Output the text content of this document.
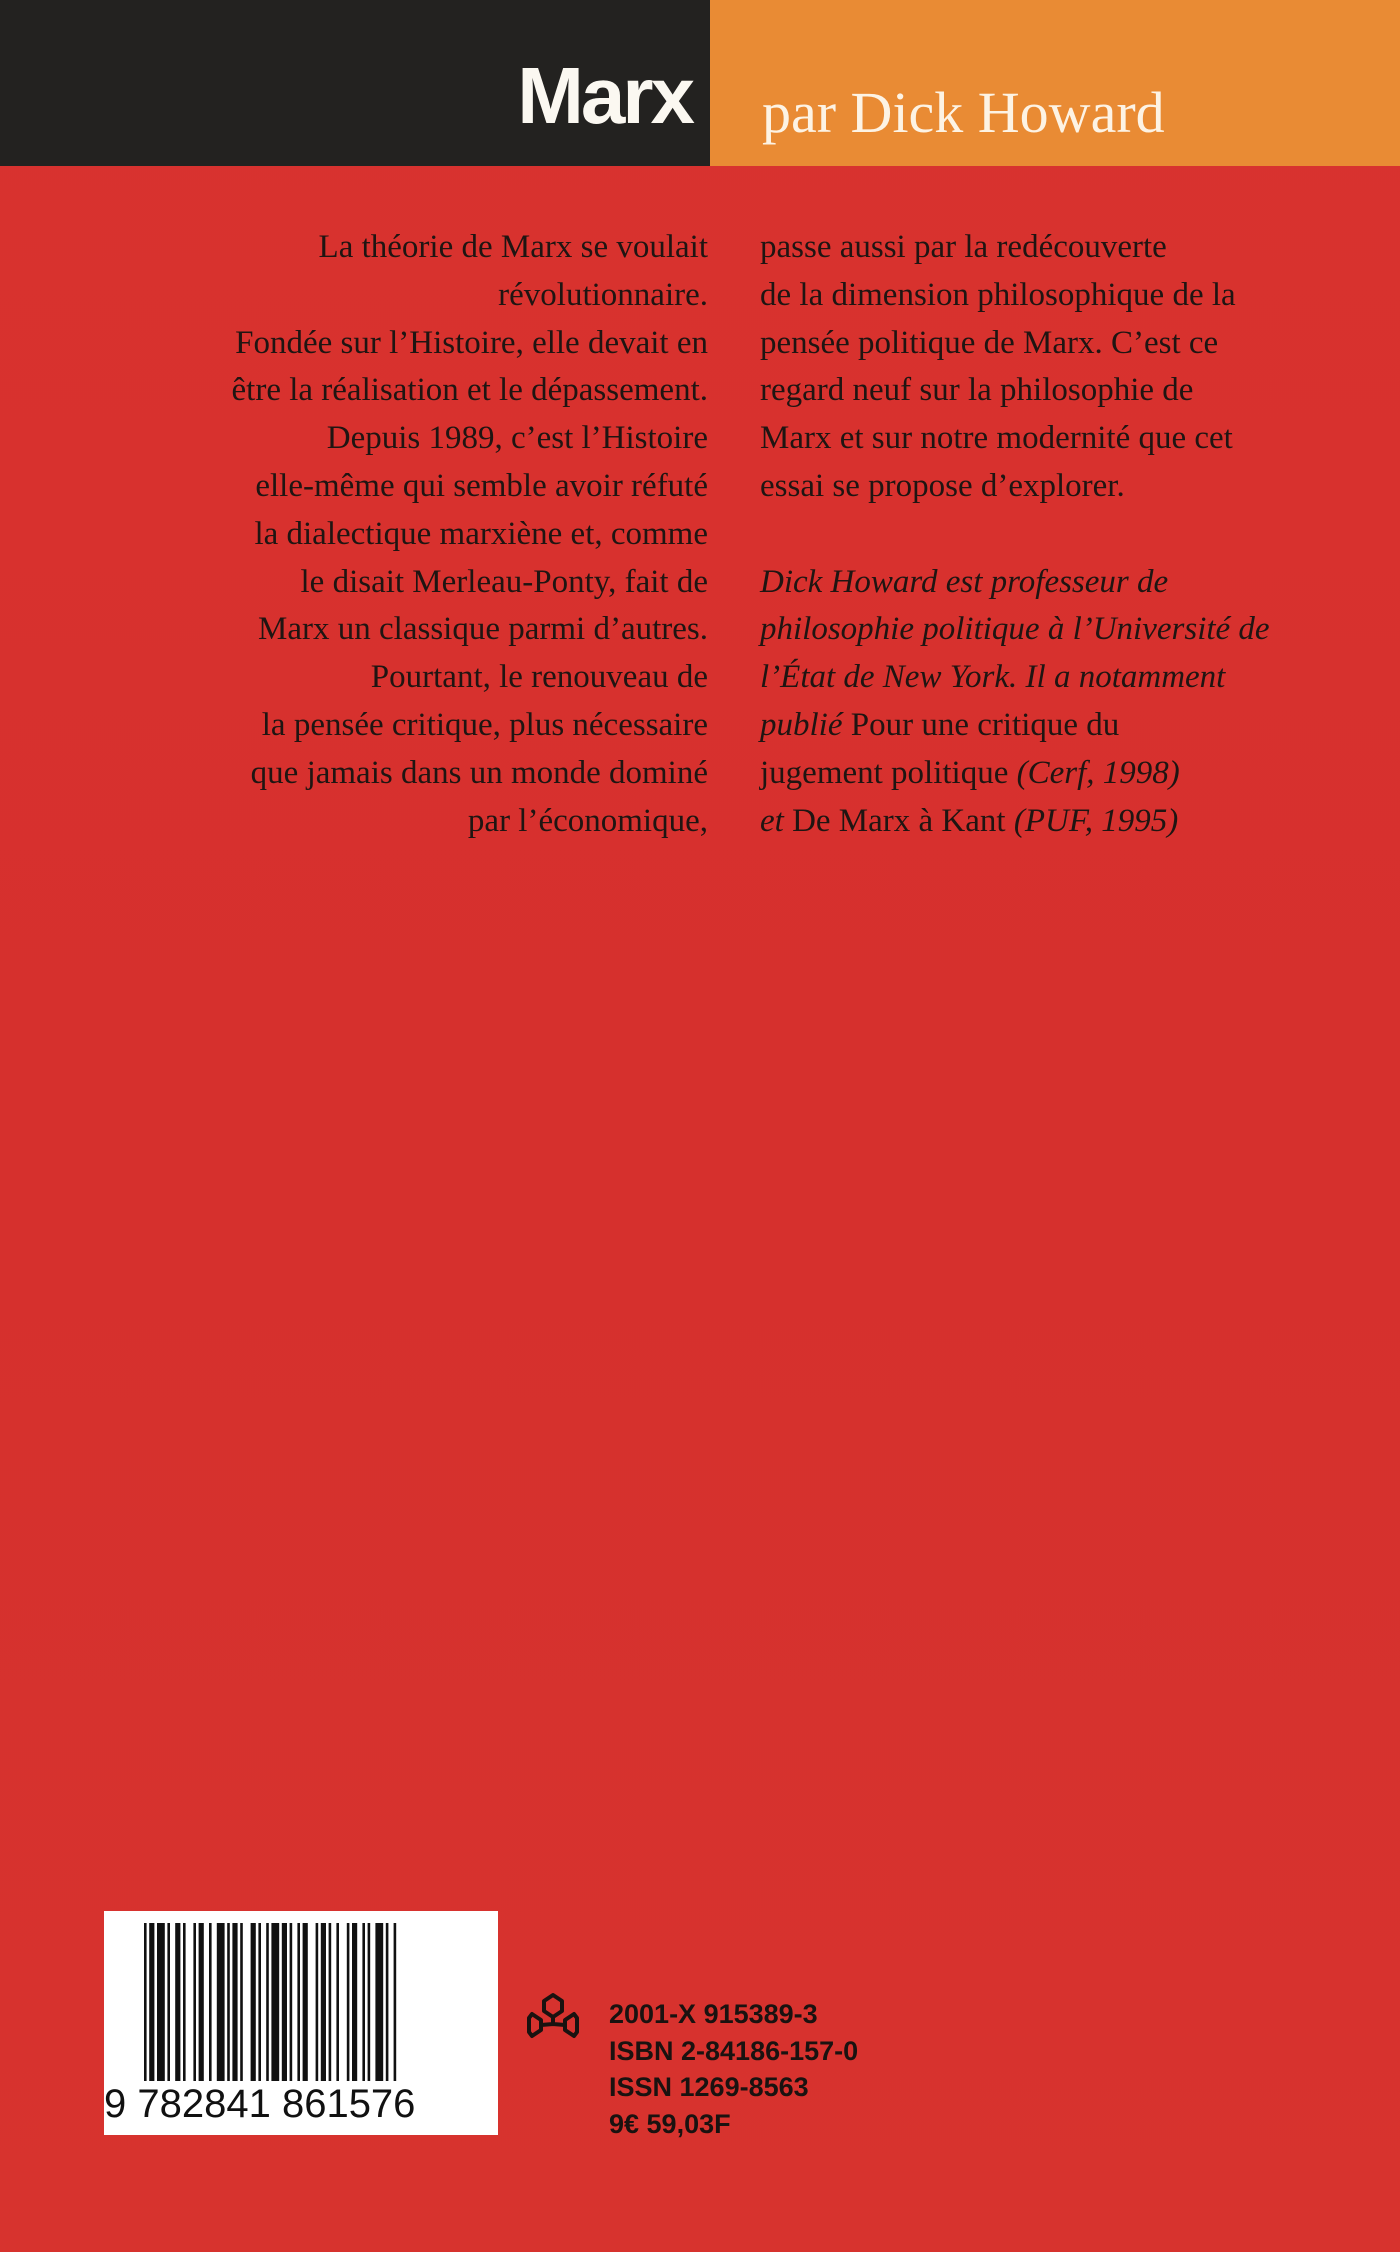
Marx par Dick Howard
La théorie de Marx se voulait
révolutionnaire.
Fondée sur l’Histoire, elle devait en
être la réalisation et le dépassement.
Depuis 1989, c’est l’Histoire
elle-même qui semble avoir réfuté
la dialectique marxiène et, comme
le disait Merleau-Ponty, fait de
Marx un classique parmi d’autres.
Pourtant, le renouveau de
la pensée critique, plus nécessaire
que jamais dans un monde dominé
par l’économique,
passe aussi par la redécouverte
de la dimension philosophique de la
pensée politique de Marx. C’est ce
regard neuf sur la philosophie de
Marx et sur notre modernité que cet
essai se propose d’explorer.
Dick Howard est professeur de
philosophie politique à l’Université de
l’État de New York. Il a notamment
publié Pour une critique du
jugement politique (Cerf, 1998)
et De Marx à Kant (PUF, 1995)
9 782841 861576
2001-X 915389-3
ISBN 2-84186-157-0
ISSN 1269-8563
9€ 59,03F
